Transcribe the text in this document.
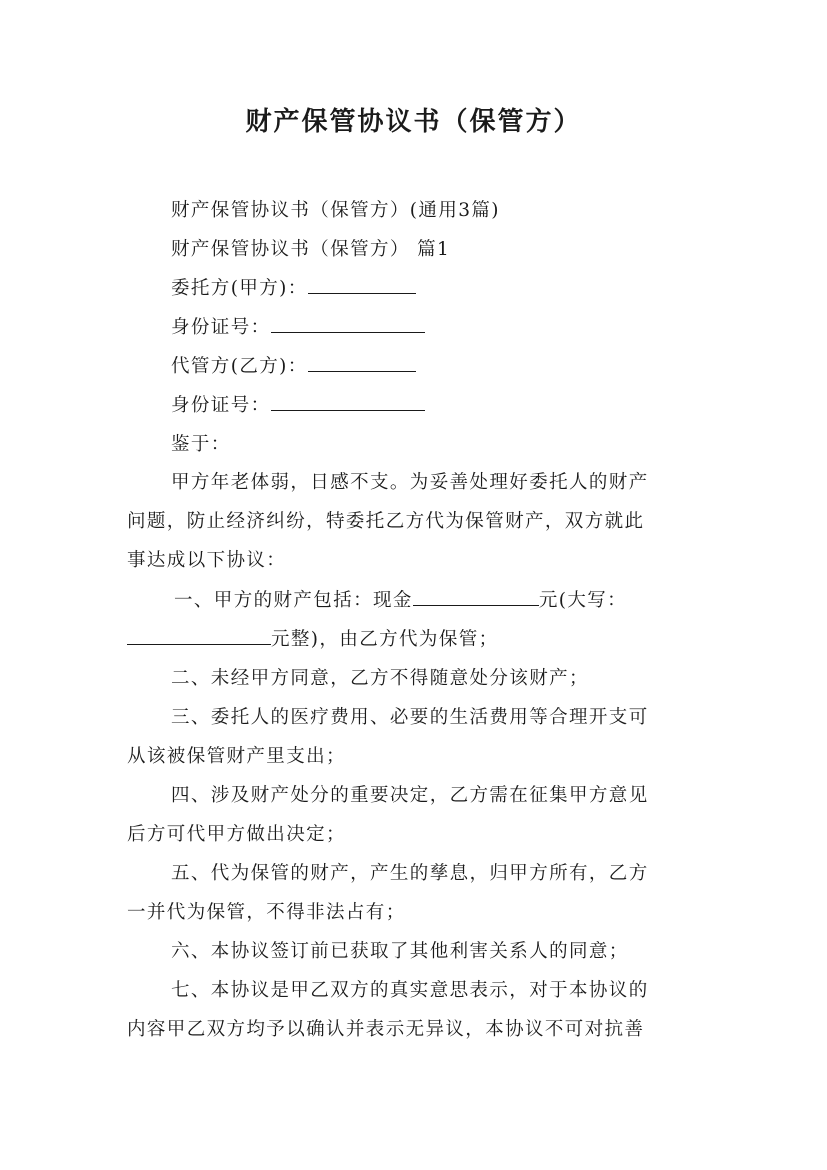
财产保管协议书（保管方）
财产保管协议书（保管方）(通用3篇)
财产保管协议书（保管方） 篇1
委托方(甲方)：
身份证号：
代管方(乙方)：
身份证号：
鉴于：
甲方年老体弱，日感不支。为妥善处理好委托人的财产
问题，防止经济纠纷，特委托乙方代为保管财产，双方就此
事达成以下协议：
一、甲方的财产包括：现金	元(大写：
元整)，由乙方代为保管；
二、未经甲方同意，乙方不得随意处分该财产；
三、委托人的医疗费用、必要的生活费用等合理开支可
从该被保管财产里支出；
四、涉及财产处分的重要决定，乙方需在征集甲方意见
后方可代甲方做出决定；
五、代为保管的财产，产生的孳息，归甲方所有，乙方
一并代为保管，不得非法占有；
六、本协议签订前已获取了其他利害关系人的同意；
七、本协议是甲乙双方的真实意思表示，对于本协议的
内容甲乙双方均予以确认并表示无异议，本协议不可对抗善
